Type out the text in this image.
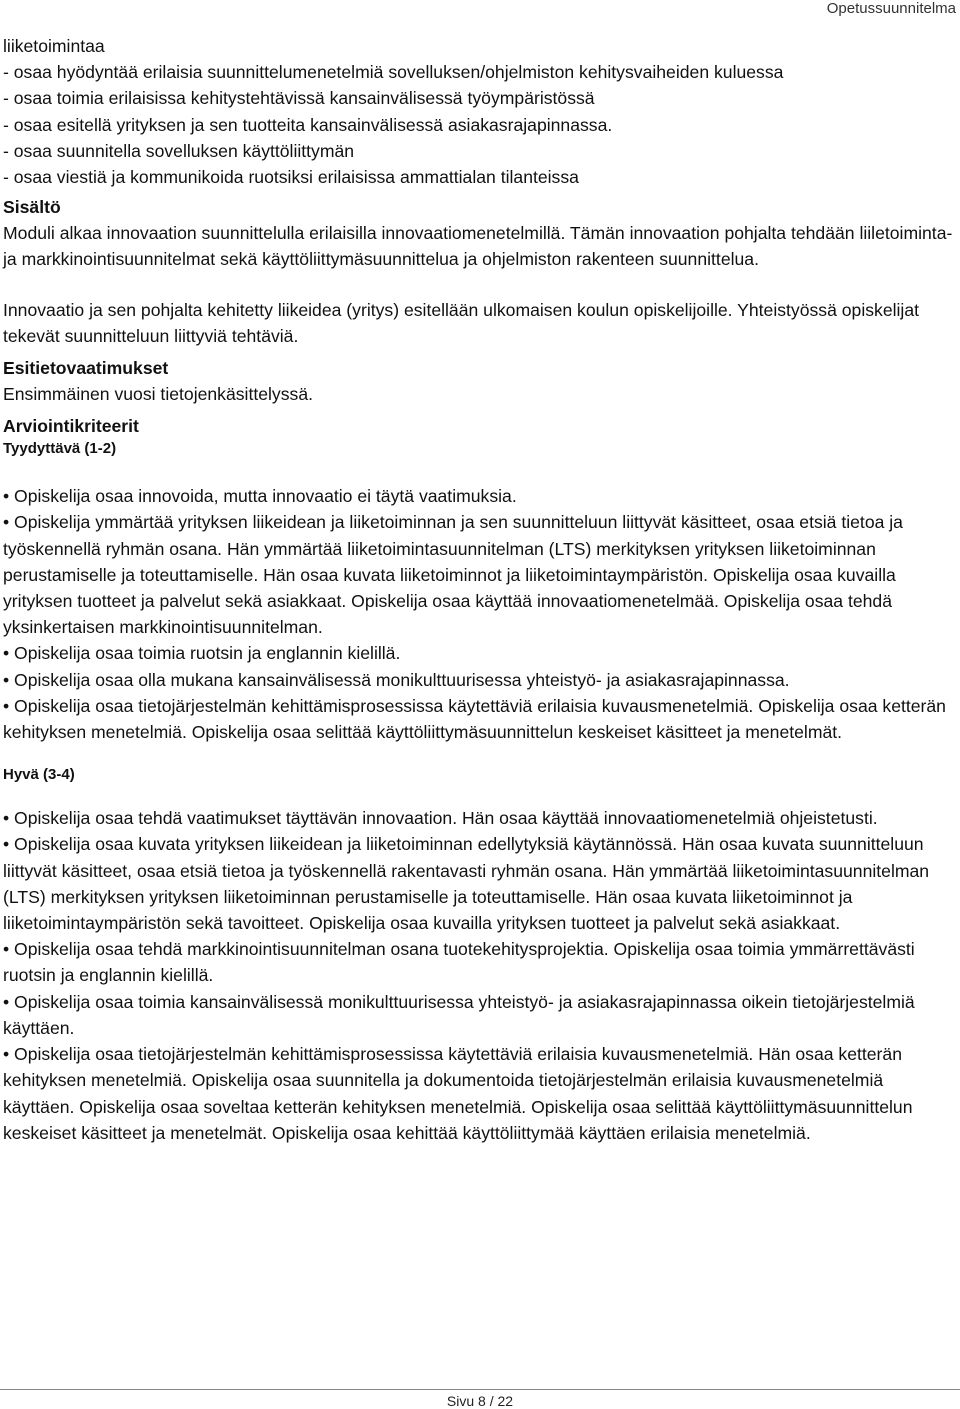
Opetussuunnitelma

liiketoimintaa

- osaa hyödyntää erilaisia suunnittelumenetelmiä sovelluksen/ohjelmiston kehitysvaiheiden kuluessa

- osaa toimia erilaisissa kehitystehtävissä kansainvälisessä työympäristössä

- osaa esitellä yrityksen ja sen tuotteita kansainvälisessä asiakasrajapinnassa.

- osaa suunnitella sovelluksen käyttöliittymän

- osaa viestiä ja kommunikoida ruotsiksi erilaisissa ammattialan tilanteissa

Sisältö

Moduli alkaa innovaation suunnittelulla erilaisilla innovaatiomenetelmillä. Tämän innovaation pohjalta tehdään liiletoiminta- ja markkinointisuunnitelmat sekä käyttöliittymäsuunnittelua ja ohjelmiston rakenteen suunnittelua.

Innovaatio ja sen pohjalta kehitetty liikeidea (yritys) esitellään ulkomaisen koulun opiskelijoille. Yhteistyössä opiskelijat tekevät suunnitteluun liittyviä tehtäviä.

Esitietovaatimukset

Ensimmäinen vuosi tietojenkäsittelyssä.

Arviointikriteerit

Tyydyttävä (1-2)

• Opiskelija osaa innovoida, mutta innovaatio ei täytä vaatimuksia.

• Opiskelija ymmärtää yrityksen liikeidean ja liiketoiminnan ja sen suunnitteluun liittyvät käsitteet, osaa etsiä tietoa ja työskennellä ryhmän osana. Hän ymmärtää liiketoimintasuunnitelman (LTS) merkityksen yrityksen liiketoiminnan perustamiselle ja toteuttamiselle. Hän osaa kuvata liiketoiminnot ja liiketoimintaympäristön. Opiskelija osaa kuvailla yrityksen tuotteet ja palvelut sekä asiakkaat. Opiskelija osaa käyttää innovaatiomenetelmää. Opiskelija osaa tehdä yksinkertaisen markkinointisuunnitelman.

• Opiskelija osaa toimia ruotsin ja englannin kielillä.

• Opiskelija osaa olla mukana kansainvälisessä monikulttuurisessa yhteistyö- ja asiakasrajapinnassa.

• Opiskelija osaa tietojärjestelmän kehittämisprosessissa käytettäviä erilaisia kuvausmenetelmiä. Opiskelija osaa ketterän kehityksen menetelmiä. Opiskelija osaa selittää käyttöliittymäsuunnittelun keskeiset käsitteet ja menetelmät.

Hyvä (3-4)

• Opiskelija osaa tehdä vaatimukset täyttävän innovaation. Hän osaa käyttää innovaatiomenetelmiä ohjeistetusti.

• Opiskelija osaa kuvata yrityksen liikeidean ja liiketoiminnan edellytyksiä käytännössä. Hän osaa kuvata suunnitteluun liittyvät käsitteet, osaa etsiä tietoa ja työskennellä rakentavasti ryhmän osana. Hän ymmärtää liiketoimintasuunnitelman (LTS) merkityksen yrityksen liiketoiminnan perustamiselle ja toteuttamiselle. Hän osaa kuvata liiketoiminnot ja liiketoimintaympäristön sekä tavoitteet. Opiskelija osaa kuvailla yrityksen tuotteet ja palvelut sekä asiakkaat.

• Opiskelija osaa tehdä markkinointisuunnitelman osana tuotekehitysprojektia. Opiskelija osaa toimia ymmärrettävästi ruotsin ja englannin kielillä.

• Opiskelija osaa toimia kansainvälisessä monikulttuurisessa yhteistyö- ja asiakasrajapinnassa oikein tietojärjestelmiä käyttäen.

• Opiskelija osaa tietojärjestelmän kehittämisprosessissa käytettäviä erilaisia kuvausmenetelmiä. Hän osaa ketterän kehityksen menetelmiä. Opiskelija osaa suunnitella ja dokumentoida tietojärjestelmän erilaisia kuvausmenetelmiä käyttäen. Opiskelija osaa soveltaa ketterän kehityksen menetelmiä. Opiskelija osaa selittää käyttöliittymäsuunnittelun keskeiset käsitteet ja menetelmät. Opiskelija osaa kehittää käyttöliittymää käyttäen erilaisia menetelmiä.

Sivu 8 / 22
